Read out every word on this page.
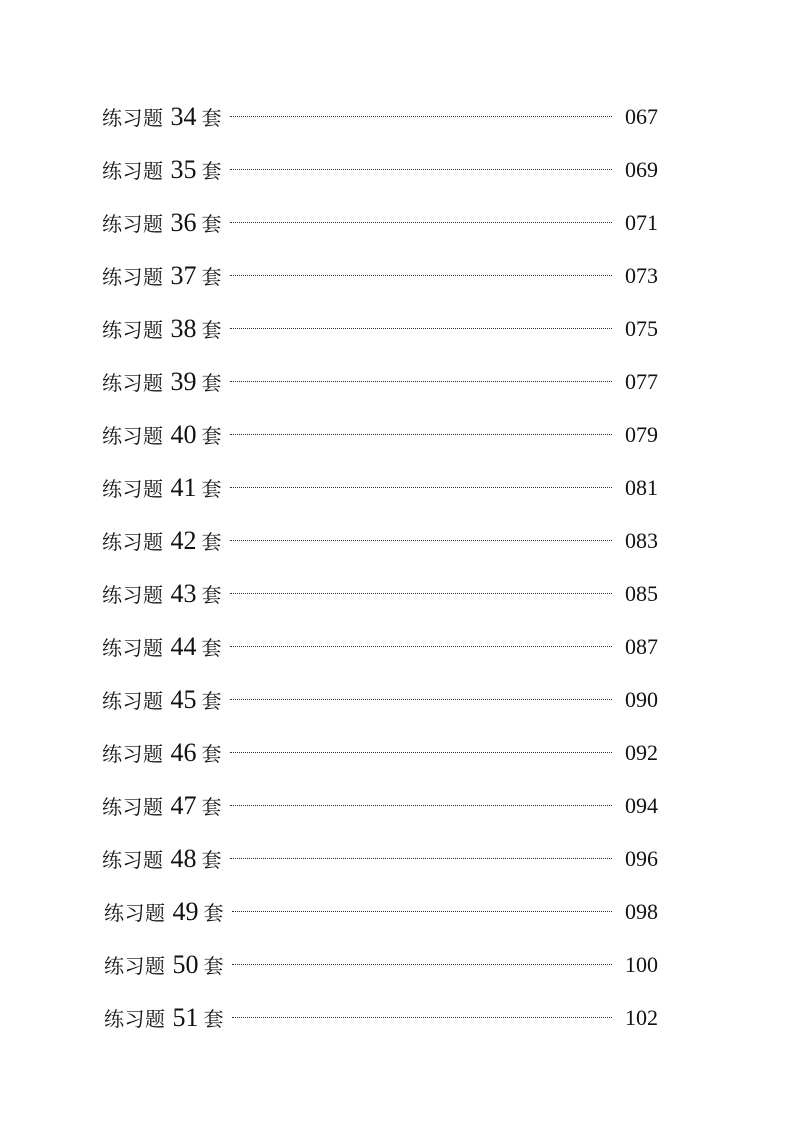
练习题 34 套	067
练习题 35 套	069
练习题 36 套	071
练习题 37 套	073
练习题 38 套	075
练习题 39 套	077
练习题 40 套	079
练习题 41 套	081
练习题 42 套	083
练习题 43 套	085
练习题 44 套	087
练习题 45 套	090
练习题 46 套	092
练习题 47 套	094
练习题 48 套	096
练习题 49 套	098
练习题 50 套	100
练习题 51 套	102
